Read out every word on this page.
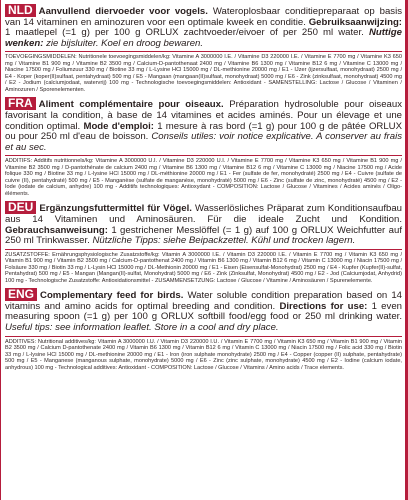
NLD Aanvullend diervoeder voor vogels. Wateroplosbaar conditiepreparaat op basis van 14 vitaminen en aminozuren voor een optimale kweek en conditie. Gebruiksaanwijzing: 1 maatlepel (=1 g) per 100 g ORLUX zachtvoeder/eivoer of per 250 ml water. Nuttige wenken: zie bijsluiter. Koel en droog bewaren.
TOEVOEGINGSMIDDELEN: Nutritionele toevoegingsmiddelen/kg: Vitamine A 3000000 I.E. / Vitamine D3 220000 I.E. / Vitamine E 7700 mg / Vitamine K3 650 mg / Vitamine B1 900 mg / Vitamine B2 3500 mg / Calcium-D-pantothenaat 2400 mg / Vitamine B6 1300 mg / Vitamine B12 6 mg / Vitamine C 13000 mg / Niacine 17500 mg / Foliumzuur 330 mg / Biotine 33 mg / L-Lysine HCl 15000 mg / DL-methionine 20000 mg / E1 - IJzer (ijzersulfaat, monohydraat) 2500 mg / E4 - Koper (koper(II)sulfaat, pentahydraat) 500 mg / E5 - Mangaan (mangaan(II)sulfaat, monohydraat) 5000 mg / E6 - Zink (zinksulfaat, monohydraat) 4500 mg / E2 - Jodium (calciumjodaat, watervrij) 100 mg - Technologische toevoegingsmiddelen: Antioxidant - SAMENSTELLING: Lactose / Glucose / Vitaminen / Aminozuren / Sporenelementen.
FRA Aliment complémentaire pour oiseaux. Préparation hydrosoluble pour oiseaux favorisant la condition, à base de 14 vitamines et acides aminés. Pour un élevage et une condition optimal. Mode d'emploi: 1 mesure à ras bord (=1 g) pour 100 g de pâtée ORLUX ou pour 250 ml d'eau de boisson. Conseils utiles: voir notice explicative. A conserver au frais et au sec.
ADDITIFS: Additifs nutritionnels/kg: Vitamine A 3000000 U.I. / Vitamine D3 220000 U.I. / Vitamine E 7700 mg / Vitamine K3 650 mg / Vitamine B1 900 mg / Vitamine B2 3500 mg / D-pantothénate de calcium 2400 mg / Vitamine B6 1300 mg / Vitamine B12 6 mg / Vitamine C 13000 mg / Niacine 17500 mg / Acide folique 330 mg / Biotine 33 mg / L-lysine HCl 15000 mg / DL-méthionine 20000 mg / E1 - Fer (sulfate de fer, monohydraté) 2500 mg / E4 - Cuivre (sulfate de cuivre (II), pentahydraté) 500 mg / E5 - Manganèse (sulfate de manganèse, monohydraté) 5000 mg / E6 - Zinc (sulfate de zinc, monohydraté) 4500 mg / E2 - Iode (iodate de calcium, anhydre) 100 mg - Additifs technologiques: Antioxydant - COMPOSITION: Lactose / Glucose / Vitamines / Acides aminés / Oligo-éléments.
DEU Ergänzungsfuttermittel für Vögel. Wasserlösliches Präparat zum Konditionsaufbau aus 14 Vitaminen und Aminosäuren. Für die ideale Zucht und Kondition. Gebrauchsanweisung: 1 gestrichener Messlöffel (= 1 g) auf 100 g ORLUX Weichfutter auf 250 ml Trinkwasser. Nützliche Tipps: siehe Beipackzettel. Kühl und trocken lagern.
ZUSATZSTOFFE: Ernährungsphysiologische Zusatzstoffe/kg: Vitamin A 3000000 I.E. / Vitamin D3 220000 I.E. / Vitamin E 7700 mg / Vitamin K3 650 mg / Vitamin B1 900 mg / Vitamin B2 3500 mg / Calcium-D-pantothenat 2400 mg / Vitamin B6 1300 mg / Vitamin B12 6 mg / Vitamin C 13000 mg / Niacin 17500 mg / Folsäure 330 mg / Biotin 33 mg / L-Lysin HCl 15000 mg / DL-Methionin 20000 mg / E1 - Eisen (Eisensulfat-Monohydrat) 2500 mg / E4 - Kupfer (Kupfer(II)-sulfat, Pentahydrat) 500 mg / E5 - Mangan (Mangan(II)-sulfat, Monohydrat) 5000 mg / E6 - Zink (Zinksulfat, Monohydrat) 4500 mg / E2 - Jod (Calciumjodat, Anhydrid) 100 mg - Technologische Zusatzstoffe: Antioxidationsmittel - ZUSAMMENSETZUNG: Lactose / Glucose / Vitamine / Aminosäuren / Spurenelemente.
ENG Complementary feed for birds. Water soluble condition preparation based on 14 vitamins and amino acids for optimal breeding and condition. Directions for use: 1 even measuring spoon (=1 g) per 100 g ORLUX softbill food/egg food or 250 ml drinking water. Useful tips: see information leaflet. Store in a cool and dry place.
ADDITIVES: Nutritional additives/kg: Vitamin A 3000000 I.U. / Vitamin D3 220000 I.U. / Vitamin E 7700 mg / Vitamin K3 650 mg / Vitamin B1 900 mg / Vitamin B2 3500 mg / Calcium D-pantothenate 2400 mg / Vitamin B6 1300 mg / Vitamin B12 6 mg / Vitamin C 13000 mg / Niacin 17500 mg / Folic acid 330 mg / Biotin 33 mg / L-lysine HCl 15000 mg / DL-methionine 20000 mg / E1 - Iron (iron sulphate monohydrate) 2500 mg / E4 - Copper (copper (II) sulphate, pentahydrate) 500 mg / E5 - Manganese (manganous sulphate, monohydrate) 5000 mg / E6 - Zinc (zinc sulphate, monohydrate) 4500 mg / E2 - Iodine (calcium iodate, anhydrous) 100 mg - Technological additives: Antioxidant - COMPOSITION: Lactose / Glucose / Vitamins / Amino acids / Trace elements.
